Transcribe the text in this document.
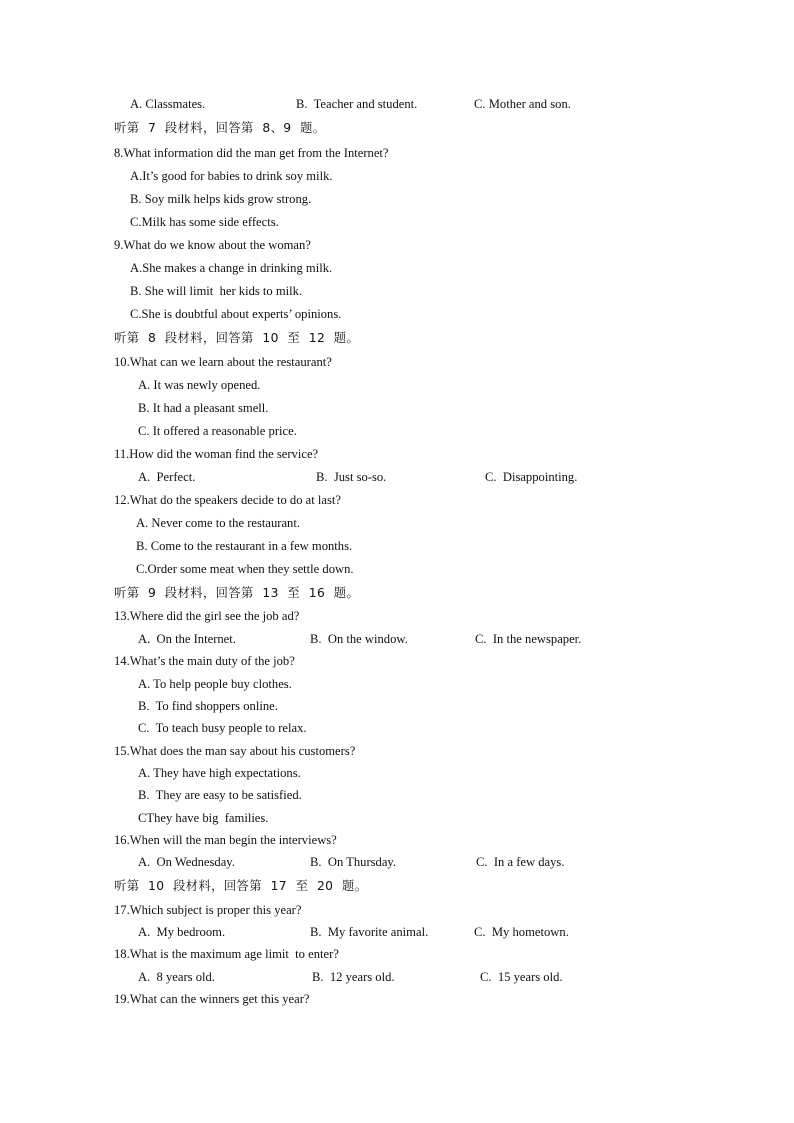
A. Classmates.	B.  Teacher and student.	C. Mother and son.
听第  7  段材料，回答第  8、9  题。
8.What information did the man get from the Internet?
A.It’s good for babies to drink soy milk.
B. Soy milk helps kids grow strong.
C.Milk has some side effects.
9.What do we know about the woman?
A.She makes a change in drinking milk.
B. She will limit  her kids to milk.
C.She is doubtful about experts’ opinions.
听第  8  段材料，回答第  10  至  12  题。
10.What can we learn about the restaurant?
A. It was newly opened.
B. It had a pleasant smell.
C. It offered a reasonable price.
11.How did the woman find the service?
A.  Perfect.	B.  Just so-so.	C.  Disappointing.
12.What do the speakers decide to do at last?
A. Never come to the restaurant.
B. Come to the restaurant in a few months.
C.Order some meat when they settle down.
听第  9  段材料，回答第  13  至  16  题。
13.Where did the girl see the job ad?
A.  On the Internet.	B.  On the window.	C.  In the newspaper.
14.What’s the main duty of the job?
A. To help people buy clothes.
B.  To find shoppers online.
C.  To teach busy people to relax.
15.What does the man say about his customers?
A. They have high expectations.
B.  They are easy to be satisfied.
CThey have big  families.
16.When will the man begin the interviews?
A.  On Wednesday.	B.  On Thursday.	C.  In a few days.
听第  10  段材料，回答第  17  至  20  题。
17.Which subject is proper this year?
A.  My bedroom.	B.  My favorite animal.	C.  My hometown.
18.What is the maximum age limit  to enter?
A.  8 years old.	B.  12 years old.	C.  15 years old.
19.What can the winners get this year?
